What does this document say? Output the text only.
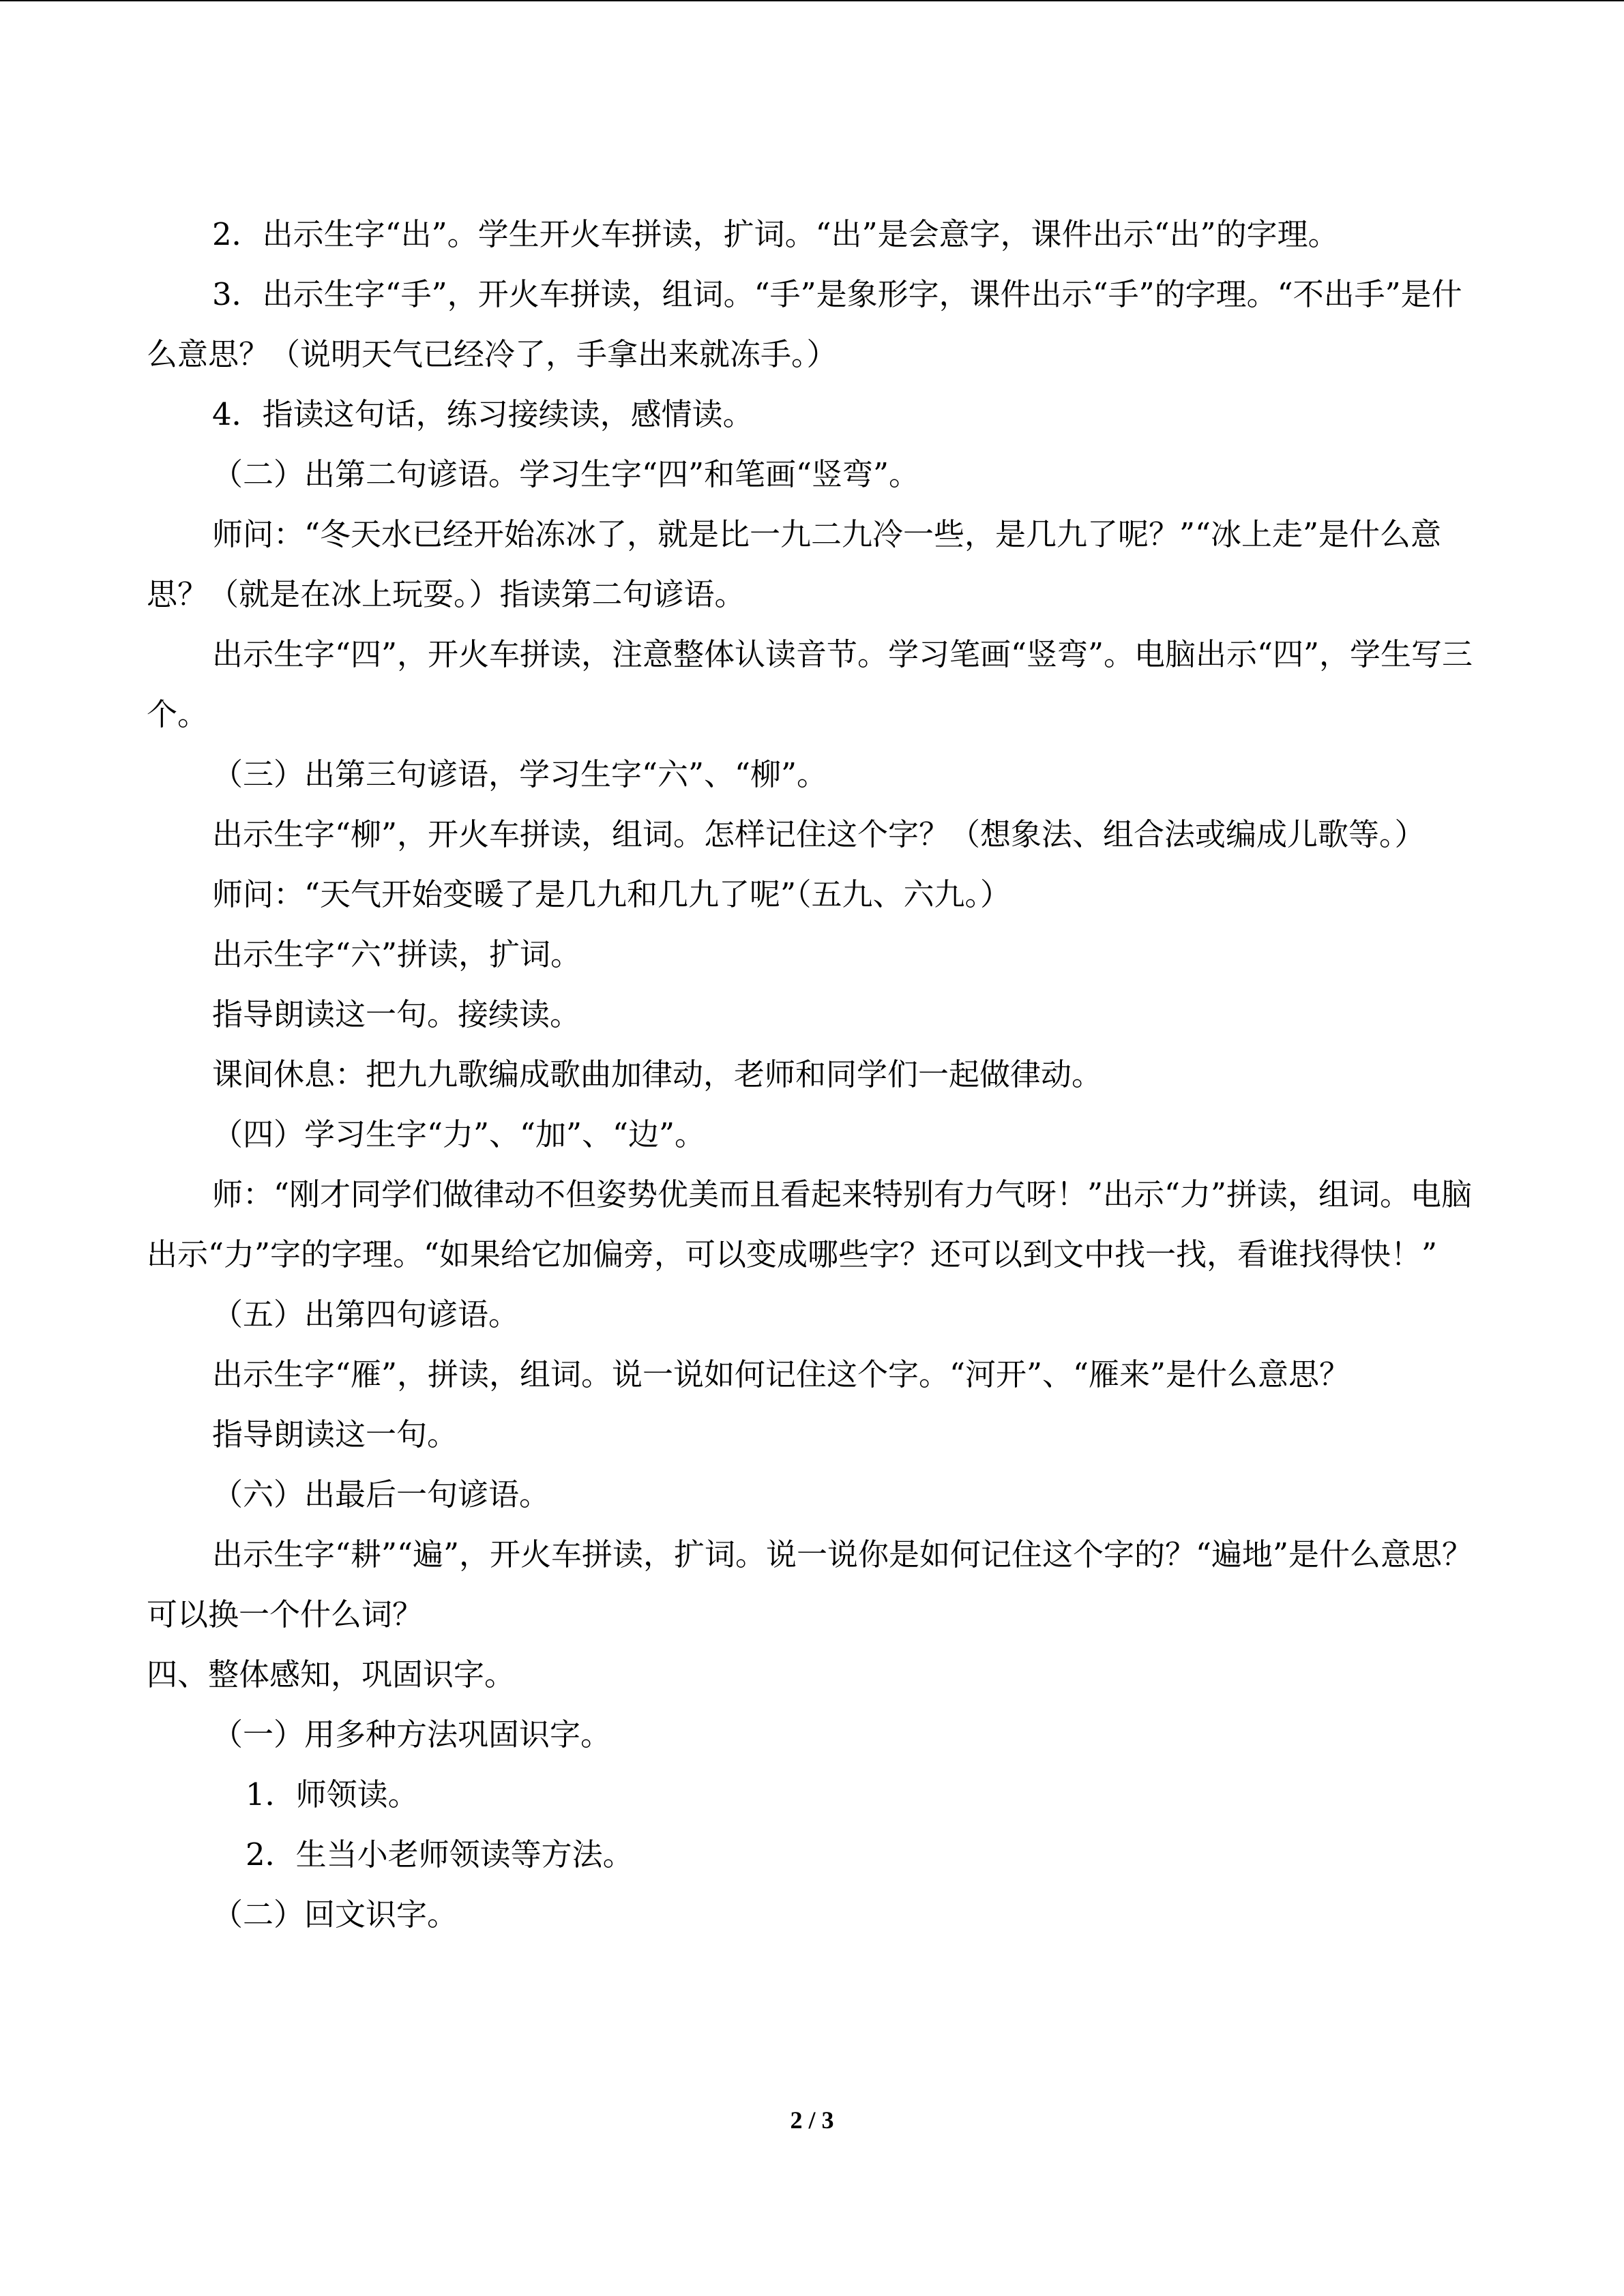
2．出示生字“出”。学生开火车拼读，扩词。“出”是会意字，课件出示“出”的字理。

3．出示生字“手”，开火车拼读，组词。“手”是象形字，课件出示“手”的字理。“不出手”是什么意思？（说明天气已经冷了，手拿出来就冻手。）

4．指读这句话，练习接续读，感情读。

（二）出第二句谚语。学习生字“四”和笔画“竖弯”。

师问：“冬天水已经开始冻冰了，就是比一九二九冷一些，是几九了呢？”“冰上走”是什么意思？（就是在冰上玩耍。）指读第二句谚语。

出示生字“四”，开火车拼读，注意整体认读音节。学习笔画“竖弯”。电脑出示“四”，学生写三个。

（三）出第三句谚语，学习生字“六”、“柳”。

出示生字“柳”，开火车拼读，组词。怎样记住这个字？（想象法、组合法或编成儿歌等。）

师问：“天气开始变暖了是几九和几九了呢”（五九、六九。）

出示生字“六”拼读，扩词。

指导朗读这一句。接续读。

课间休息：把九九歌编成歌曲加律动，老师和同学们一起做律动。

（四）学习生字“力”、“加”、“边”。

师：“刚才同学们做律动不但姿势优美而且看起来特别有力气呀！”出示“力”拼读，组词。电脑出示“力”字的字理。“如果给它加偏旁，可以变成哪些字？还可以到文中找一找，看谁找得快！”

（五）出第四句谚语。

出示生字“雁”，拼读，组词。说一说如何记住这个字。“河开”、“雁来”是什么意思？

指导朗读这一句。

（六）出最后一句谚语。

出示生字“耕”“遍”，开火车拼读，扩词。说一说你是如何记住这个字的？“遍地”是什么意思？可以换一个什么词？

四、整体感知，巩固识字。

（一）用多种方法巩固识字。

1．师领读。

2．生当小老师领读等方法。

（二）回文识字。

2 / 3
